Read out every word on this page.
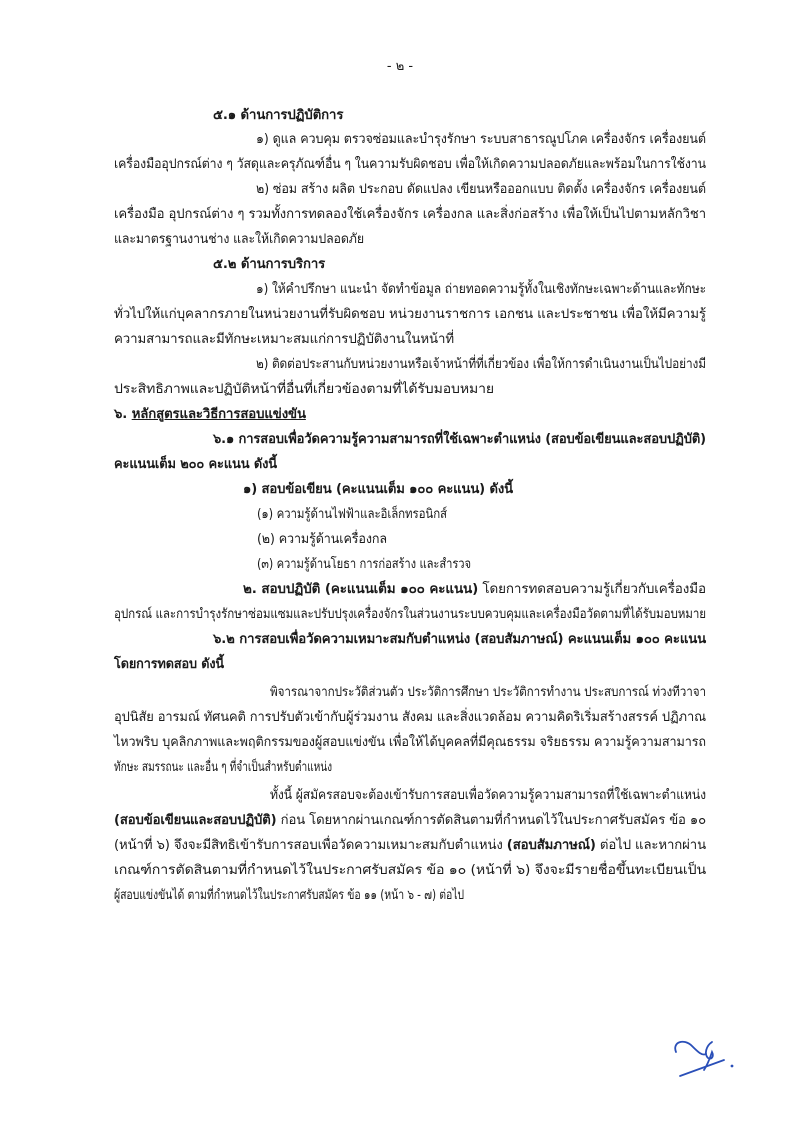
- ๒ -
๕.๑ ด้านการปฏิบัติการ
๑) ดูแล ควบคุม ตรวจซ่อมและบำรุงรักษา ระบบสาธารณูปโภค เครื่องจักร เครื่องยนต์
เครื่องมืออุปกรณ์ต่าง ๆ วัสดุและครุภัณฑ์อื่น ๆ ในความรับผิดชอบ เพื่อให้เกิดความปลอดภัยและพร้อมในการใช้งาน
๒) ซ่อม สร้าง ผลิต ประกอบ ดัดแปลง เขียนหรือออกแบบ ติดตั้ง เครื่องจักร เครื่องยนต์
เครื่องมือ อุปกรณ์ต่าง ๆ รวมทั้งการทดลองใช้เครื่องจักร เครื่องกล และสิ่งก่อสร้าง เพื่อให้เป็นไปตามหลักวิชา
และมาตรฐานงานช่าง และให้เกิดความปลอดภัย
๕.๒ ด้านการบริการ
๑) ให้คำปรึกษา แนะนำ จัดทำข้อมูล ถ่ายทอดความรู้ทั้งในเชิงทักษะเฉพาะด้านและทักษะ
ทั่วไปให้แก่บุคลากรภายในหน่วยงานที่รับผิดชอบ หน่วยงานราชการ เอกชน และประชาชน เพื่อให้มีความรู้
ความสามารถและมีทักษะเหมาะสมแก่การปฏิบัติงานในหน้าที่
๒) ติดต่อประสานกับหน่วยงานหรือเจ้าหน้าที่ที่เกี่ยวข้อง เพื่อให้การดำเนินงานเป็นไปอย่างมี
ประสิทธิภาพและปฏิบัติหน้าที่อื่นที่เกี่ยวข้องตามที่ได้รับมอบหมาย
๖. หลักสูตรและวิธีการสอบแข่งขัน
๖.๑ การสอบเพื่อวัดความรู้ความสามารถที่ใช้เฉพาะตำแหน่ง (สอบข้อเขียนและสอบปฏิบัติ)
คะแนนเต็ม ๒๐๐ คะแนน ดังนี้
๑) สอบข้อเขียน (คะแนนเต็ม ๑๐๐ คะแนน) ดังนี้
(๑) ความรู้ด้านไฟฟ้าและอิเล็กทรอนิกส์
(๒) ความรู้ด้านเครื่องกล
(๓) ความรู้ด้านโยธา การก่อสร้าง และสำรวจ
๒. สอบปฏิบัติ (คะแนนเต็ม ๑๐๐ คะแนน) โดยการทดสอบความรู้เกี่ยวกับเครื่องมือ
อุปกรณ์ และการบำรุงรักษาซ่อมแซมและปรับปรุงเครื่องจักรในส่วนงานระบบควบคุมและเครื่องมือวัดตามที่ได้รับมอบหมาย
๖.๒ การสอบเพื่อวัดความเหมาะสมกับตำแหน่ง (สอบสัมภาษณ์) คะแนนเต็ม ๑๐๐ คะแนน
โดยการทดสอบ ดังนี้
พิจารณาจากประวัติส่วนตัว ประวัติการศึกษา ประวัติการทำงาน ประสบการณ์ ท่วงทีวาจา
อุปนิสัย อารมณ์ ทัศนคติ การปรับตัวเข้ากับผู้ร่วมงาน สังคม และสิ่งแวดล้อม ความคิดริเริ่มสร้างสรรค์ ปฏิภาณ
ไหวพริบ บุคลิกภาพและพฤติกรรมของผู้สอบแข่งขัน เพื่อให้ได้บุคคลที่มีคุณธรรม จริยธรรม ความรู้ความสามารถ
ทักษะ สมรรถนะ และอื่น ๆ ที่จำเป็นสำหรับตำแหน่ง
ทั้งนี้ ผู้สมัครสอบจะต้องเข้ารับการสอบเพื่อวัดความรู้ความสามารถที่ใช้เฉพาะตำแหน่ง
(สอบข้อเขียนและสอบปฏิบัติ) ก่อน โดยหากผ่านเกณฑ์การตัดสินตามที่กำหนดไว้ในประกาศรับสมัคร ข้อ ๑๐
(หน้าที่ ๖) จึงจะมีสิทธิเข้ารับการสอบเพื่อวัดความเหมาะสมกับตำแหน่ง (สอบสัมภาษณ์) ต่อไป และหากผ่าน
เกณฑ์การตัดสินตามที่กำหนดไว้ในประกาศรับสมัคร ข้อ ๑๐ (หน้าที่ ๖) จึงจะมีรายชื่อขึ้นทะเบียนเป็น
ผู้สอบแข่งขันได้ ตามที่กำหนดไว้ในประกาศรับสมัคร ข้อ ๑๑ (หน้า ๖ - ๗) ต่อไป
